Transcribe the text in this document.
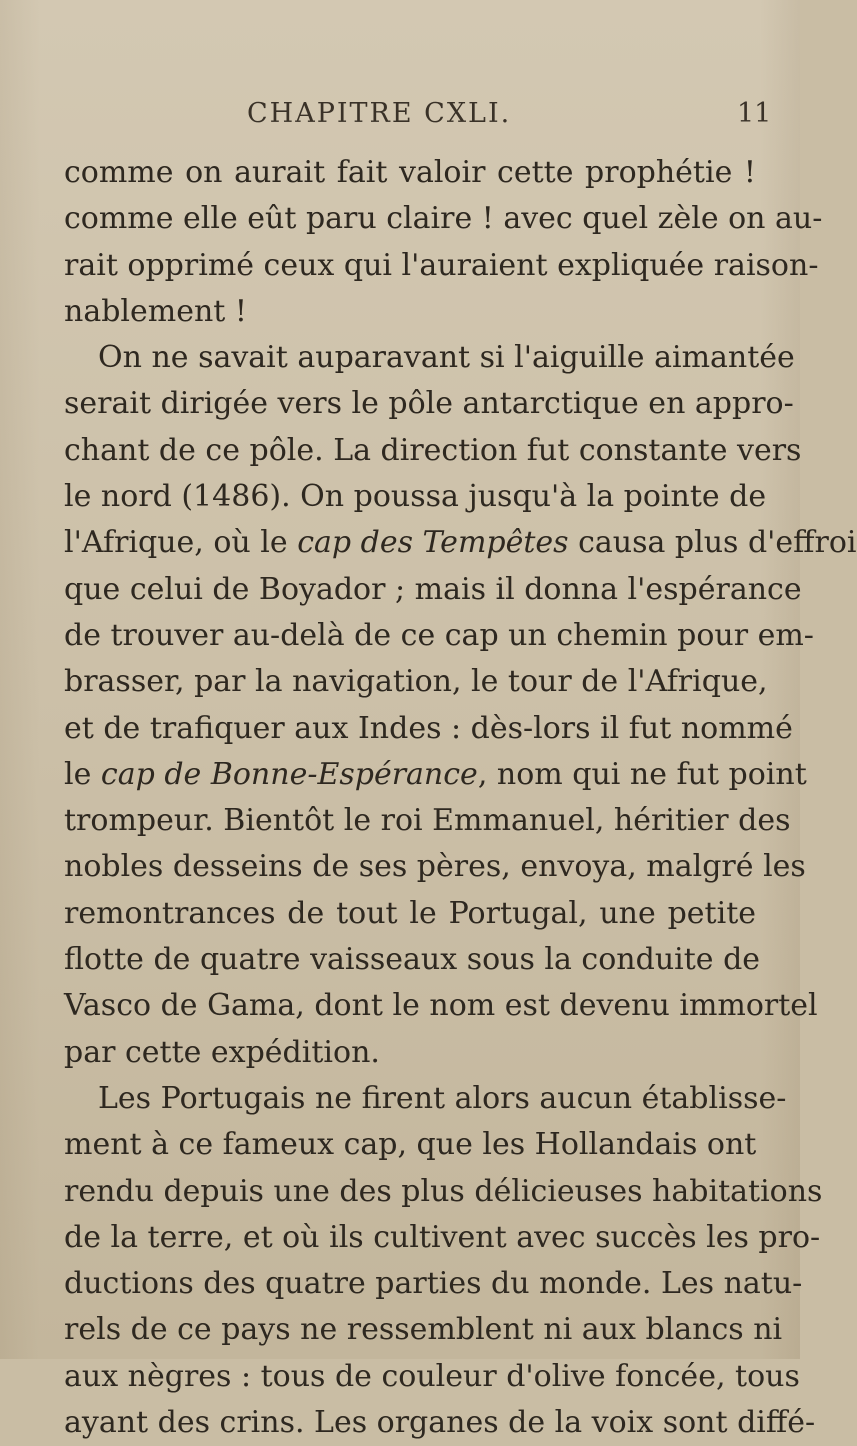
CHAPITRE CXLI.	11
comme on aurait fait valoir cette prophétie !
comme elle eût paru claire ! avec quel zèle on au-
rait opprimé ceux qui l'auraient expliquée raison-
nablement !
On ne savait auparavant si l'aiguille aimantée
serait dirigée vers le pôle antarctique en appro-
chant de ce pôle. La direction fut constante vers
le nord (1486). On poussa jusqu'à la pointe de
l'Afrique, où le cap des Tempêtes causa plus d'effroi
que celui de Boyador ; mais il donna l'espérance
de trouver au-delà de ce cap un chemin pour em-
brasser, par la navigation, le tour de l'Afrique,
et de trafiquer aux Indes : dès-lors il fut nommé
le cap de Bonne-Espérance, nom qui ne fut point
trompeur. Bientôt le roi Emmanuel, héritier des
nobles desseins de ses pères, envoya, malgré les
remontrances de tout le Portugal, une petite
flotte de quatre vaisseaux sous la conduite de
Vasco de Gama, dont le nom est devenu immortel
par cette expédition.
Les Portugais ne firent alors aucun établisse-
ment à ce fameux cap, que les Hollandais ont
rendu depuis une des plus délicieuses habitations
de la terre, et où ils cultivent avec succès les pro-
ductions des quatre parties du monde. Les natu-
rels de ce pays ne ressemblent ni aux blancs ni
aux nègres : tous de couleur d'olive foncée, tous
ayant des crins. Les organes de la voix sont diffé-
